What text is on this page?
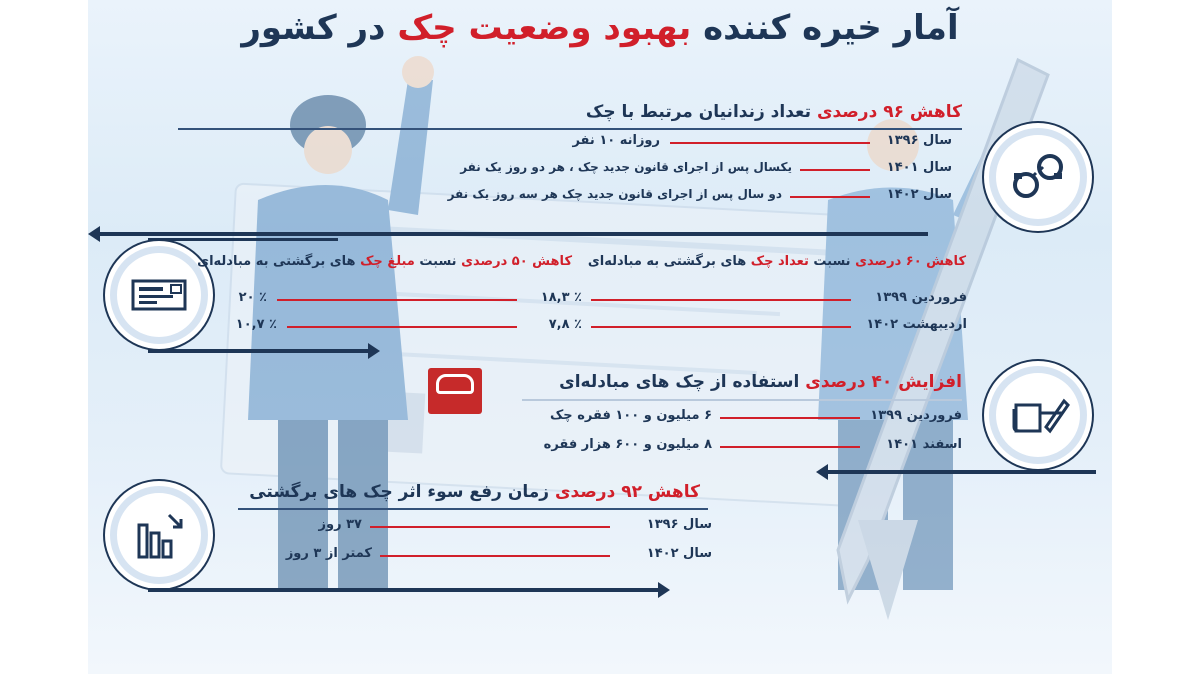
آمار خیره کننده بهبود وضعیت چک در کشور
کاهش ۹۶ درصدی تعداد زندانیان مرتبط با چک
سال ۱۳۹۶
روزانه ۱۰ نفر
سال ۱۴۰۱
یکسال پس از اجرای قانون جدید چک ، هر دو روز یک نفر
سال ۱۴۰۲
دو سال پس از اجرای قانون جدید چک هر سه روز یک نفر
کاهش ۶۰ درصدی نسبت تعداد چک های برگشتی به مبادله‌ای
کاهش ۵۰ درصدی نسبت مبلغ چک های برگشتی به مبادله‌ای
فروردین ۱۳۹۹
٪ ۱۸,۳
٪ ۲۰
اردیبهشت ۱۴۰۲
٪ ۷,۸
٪ ۱۰,۷
افزایش ۴۰ درصدی استفاده از چک های مبادله‌ای
فروردین ۱۳۹۹
۶ میلیون و ۱۰۰ فقره چک
اسفند ۱۴۰۱
۸ میلیون و ۶۰۰ هزار فقره
کاهش ۹۲ درصدی زمان رفع سوء اثر چک های برگشتی
سال ۱۳۹۶
۳۷ روز
سال ۱۴۰۲
کمتر از ۳ روز
